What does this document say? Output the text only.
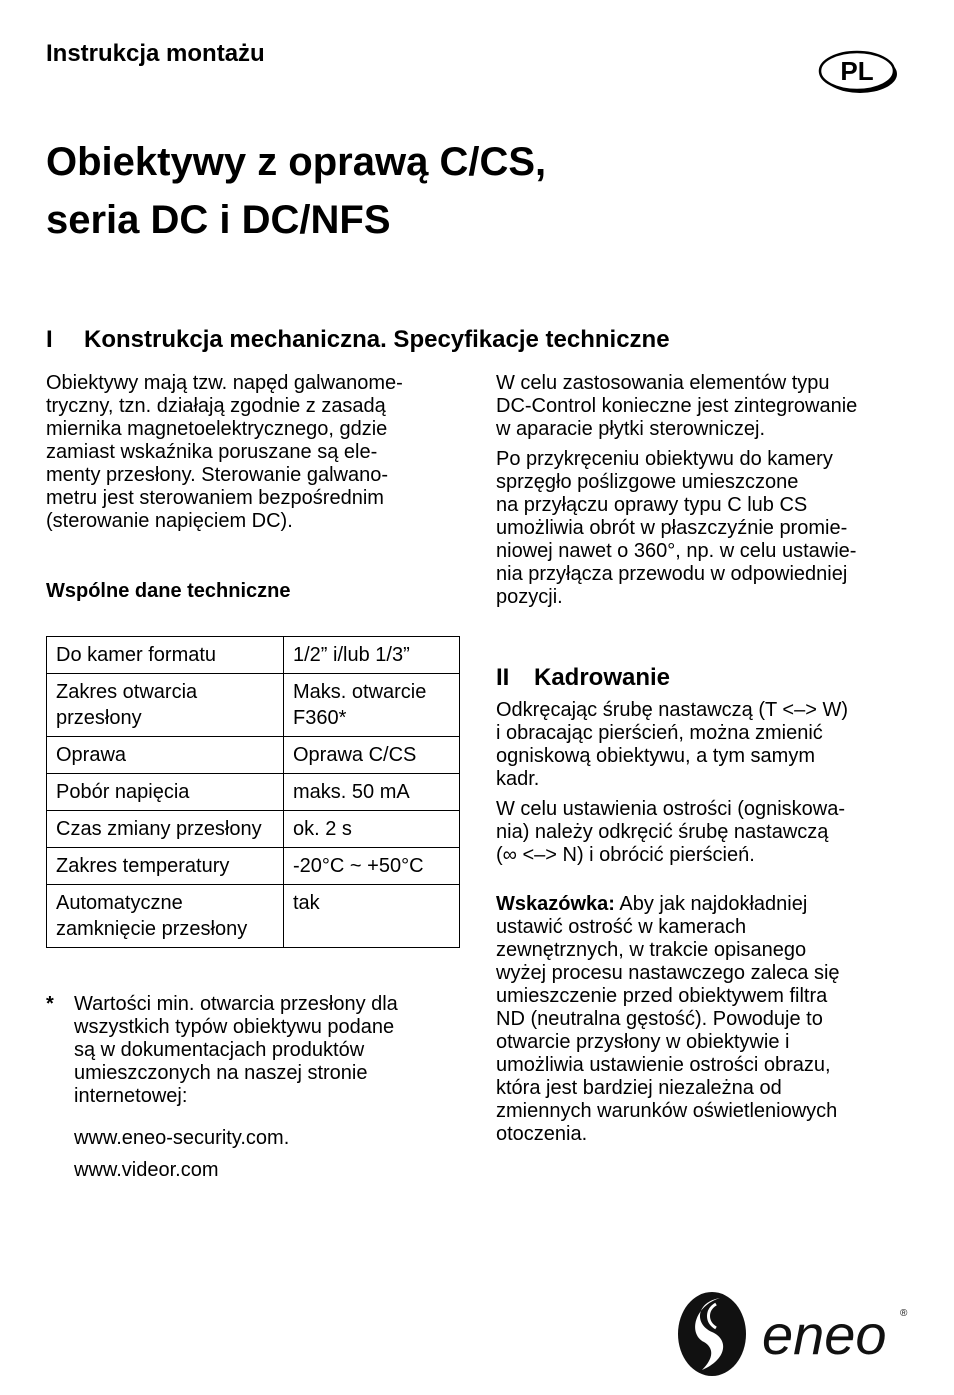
Instrukcja montażu
PL
Obiektywy z oprawą C/CS,
seria DC i DC/NFS
I Konstrukcja mechaniczna. Specyfikacje techniczne

Obiektywy mają tzw. napęd galwanome-
tryczny, tzn. działają zgodnie z zasadą
miernika magnetoelektrycznego, gdzie
zamiast wskaźnika poruszane są ele-
menty przesłony. Sterowanie galwano-
metru jest sterowaniem bezpośrednim
(sterowanie napięciem DC).

Wspólne dane techniczne
Do kamer formatu	1/2” i/lub 1/3”
Zakres otwarcia przesłony	Maks. otwarcie F360*
Oprawa	Oprawa C/CS
Pobór napięcia	maks. 50 mA
Czas zmiany przesłony	ok. 2 s
Zakres temperatury	-20°C ~ +50°C
Automatyczne zamknięcie przesłony	tak
* Wartości min. otwarcia przesłony dla
wszystkich typów obiektywu podane
są w dokumentacjach produktów
umieszczonych na naszej stronie
internetowej:
www.eneo-security.com.
www.videor.com

W celu zastosowania elementów typu
DC-Control konieczne jest zintegrowanie
w aparacie płytki sterowniczej.

Po przykręceniu obiektywu do kamery
sprzęgło poślizgowe umieszczone
na przyłączu oprawy typu C lub CS
umożliwia obrót w płaszczyźnie promie-
niowej nawet o 360°, np. w celu ustawie-
nia przyłącza przewodu w odpowiedniej
pozycji.

II Kadrowanie

Odkręcając śrubę nastawczą (T <–> W)
i obracając pierścień, można zmienić
ogniskową obiektywu, a tym samym
kadr.

W celu ustawienia ostrości (ogniskowa-
nia) należy odkręcić śrubę nastawczą
(∞ <–> N) i obrócić pierścień.

Wskazówka: Aby jak najdokładniej
ustawić ostrość w kamerach
zewnętrznych, w trakcie opisanego
wyżej procesu nastawczego zaleca się
umieszczenie przed obiektywem filtra
ND (neutralna gęstość). Powoduje to
otwarcie przysłony w obiektywie i
umożliwia ustawienie ostrości obrazu,
która jest bardziej niezależna od
zmiennych warunków oświetleniowych
otoczenia.

eneo ®
